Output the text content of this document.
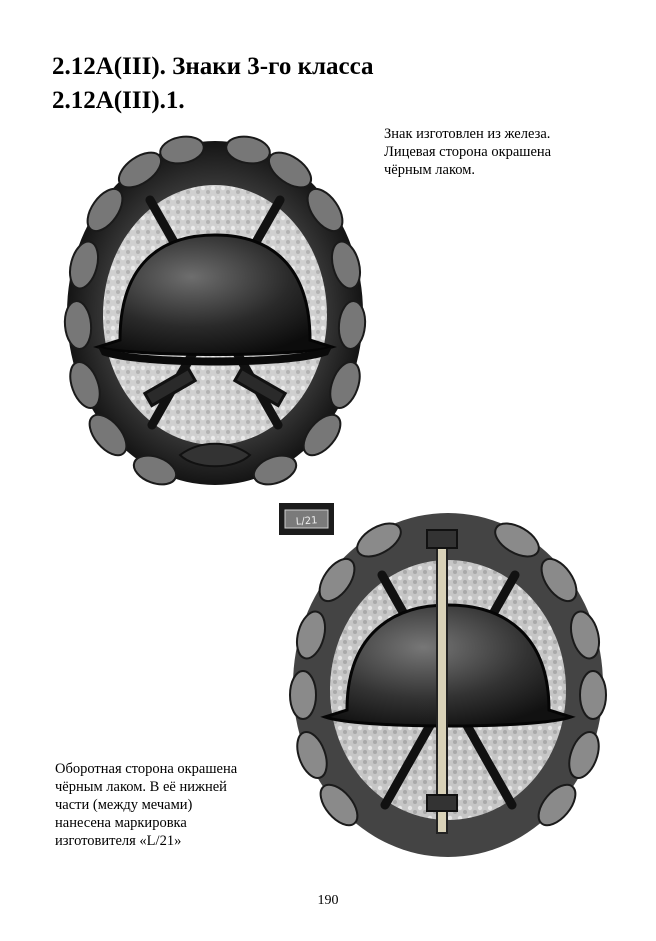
2.12А(III). Знаки 3-го класса
2.12А(III).1.
Знак изготовлен из железа.
Лицевая сторона окрашена
чёрным лаком.
L/21
Оборотная сторона окрашена
чёрным лаком. В её нижней
части (между мечами)
нанесена маркировка
изготовителя «L/21»
190
